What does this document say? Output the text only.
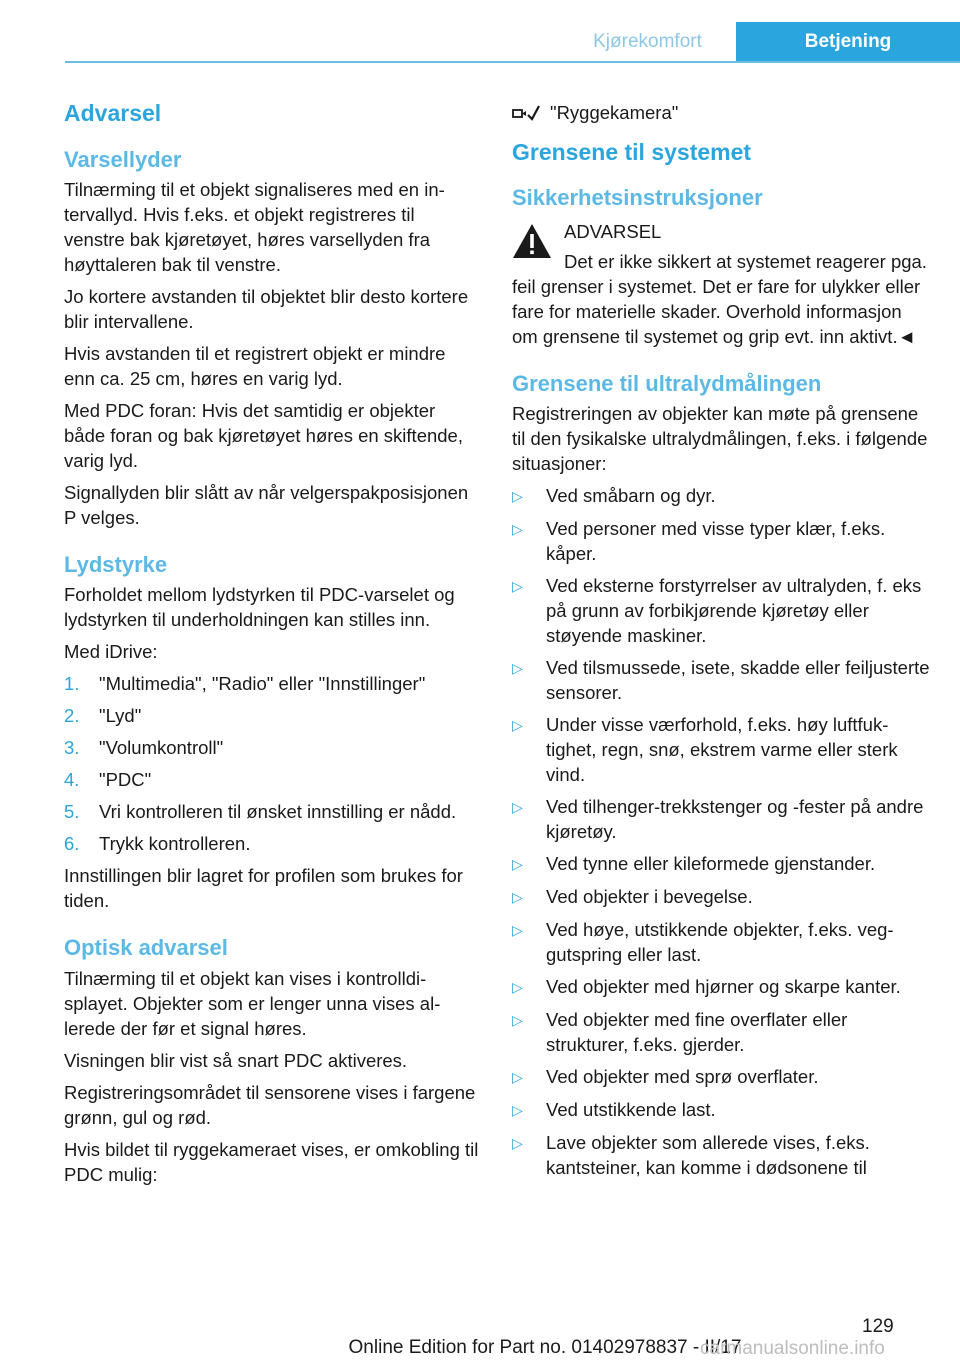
Kjørekomfort	Betjening
Advarsel
Varsellyder

Tilnærming til et objekt signaliseres med en intervallyd. Hvis f.eks. et objekt registreres til venstre bak kjøretøyet, høres varsellyden fra høyttaleren bak til venstre.

Jo kortere avstanden til objektet blir desto kortere blir intervallene.

Hvis avstanden til et registrert objekt er mindre enn ca. 25 cm, høres en varig lyd.

Med PDC foran: Hvis det samtidig er objekter både foran og bak kjøretøyet høres en skiftende, varig lyd.

Signallyden blir slått av når velgerspakposisjonen P velges.

Lydstyrke

Forholdet mellom lydstyrken til PDC-varselet og lydstyrken til underholdningen kan stilles inn.

Med iDrive:

1.	"Multimedia", "Radio" eller "Innstillinger"
2.	"Lyd"
3.	"Volumkontroll"
4.	"PDC"
5.	Vri kontrolleren til ønsket innstilling er nådd.
6.	Trykk kontrolleren.

Innstillingen blir lagret for profilen som brukes for tiden.

Optisk advarsel

Tilnærming til et objekt kan vises i kontrolldisplayet. Objekter som er lenger unna vises allerede der før et signal høres.

Visningen blir vist så snart PDC aktiveres.

Registreringsområdet til sensorene vises i fargene grønn, gul og rød.

Hvis bildet til ryggekameraet vises, er omkobling til PDC mulig:

"Ryggekamera"
Grensene til systemet
Sikkerhetsinstruksjoner
ADVARSEL
Det er ikke sikkert at systemet reagerer pga. feil grenser i systemet. Det er fare for ulykker eller fare for materielle skader. Overhold informasjon om grensene til systemet og grip evt. inn aktivt.◄
Grensene til ultralydmålingen

Registreringen av objekter kan møte på grensene til den fysikalske ultralydmålingen, f.eks. i følgende situasjoner:

▷	Ved småbarn og dyr.
▷	Ved personer med visse typer klær, f.eks. kåper.
▷	Ved eksterne forstyrrelser av ultralyden, f. eks på grunn av forbikjørende kjøretøy eller støyende maskiner.
▷	Ved tilsmussede, isete, skadde eller feiljusterte sensorer.
▷	Under visse værforhold, f.eks. høy luftfuktighet, regn, snø, ekstrem varme eller sterk vind.
▷	Ved tilhenger-trekkstenger og -fester på andre kjøretøy.
▷	Ved tynne eller kileformede gjenstander.
▷	Ved objekter i bevegelse.
▷	Ved høye, utstikkende objekter, f.eks. veggutspring eller last.
▷	Ved objekter med hjørner og skarpe kanter.
▷	Ved objekter med fine overflater eller strukturer, f.eks. gjerder.
▷	Ved objekter med sprø overflater.
▷	Ved utstikkende last.
▷	Lave objekter som allerede vises, f.eks. kantsteiner, kan komme i dødsonene til
129
Online Edition for Part no. 01402978837 - II/17
carmanualsonline.info
